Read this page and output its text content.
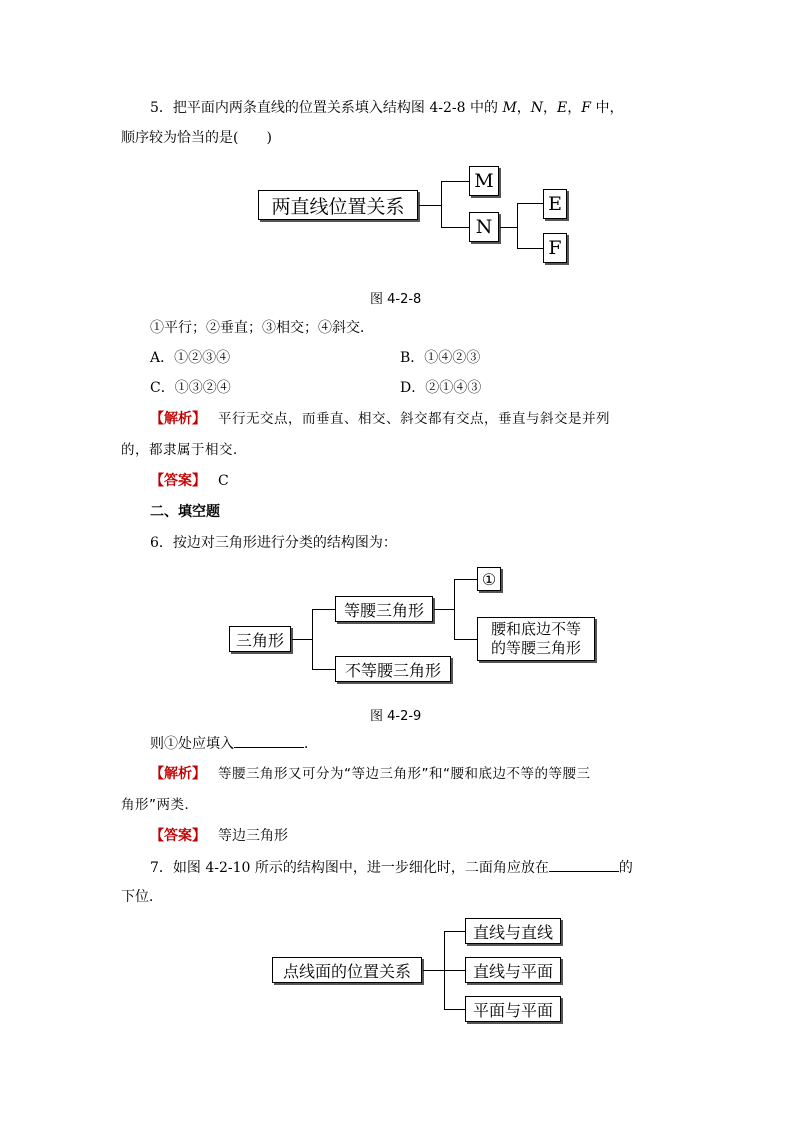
5．把平面内两条直线的位置关系填入结构图 4-2-8 中的 M，N，E，F 中，
顺序较为恰当的是(　　)
两直线位置关系
M
N
E
F
图 4-2-8
①平行；②垂直；③相交；④斜交．
A．①②③④	B．①④②③
C．①③②④	D．②①④③
【解析】 平行无交点，而垂直、相交、斜交都有交点，垂直与斜交是并列
的，都隶属于相交．
【答案】 C
二、填空题
6．按边对三角形进行分类的结构图为：
三角形
等腰三角形
不等腰三角形
①
腰和底边不等
的等腰三角形
图 4-2-9
则①处应填入	．
【解析】 等腰三角形又可分为“等边三角形”和“腰和底边不等的等腰三
角形”两类．
【答案】 等边三角形
7．如图 4-2-10 所示的结构图中，进一步细化时，二面角应放在	的
下位．
点线面的位置关系
直线与直线
直线与平面
平面与平面
